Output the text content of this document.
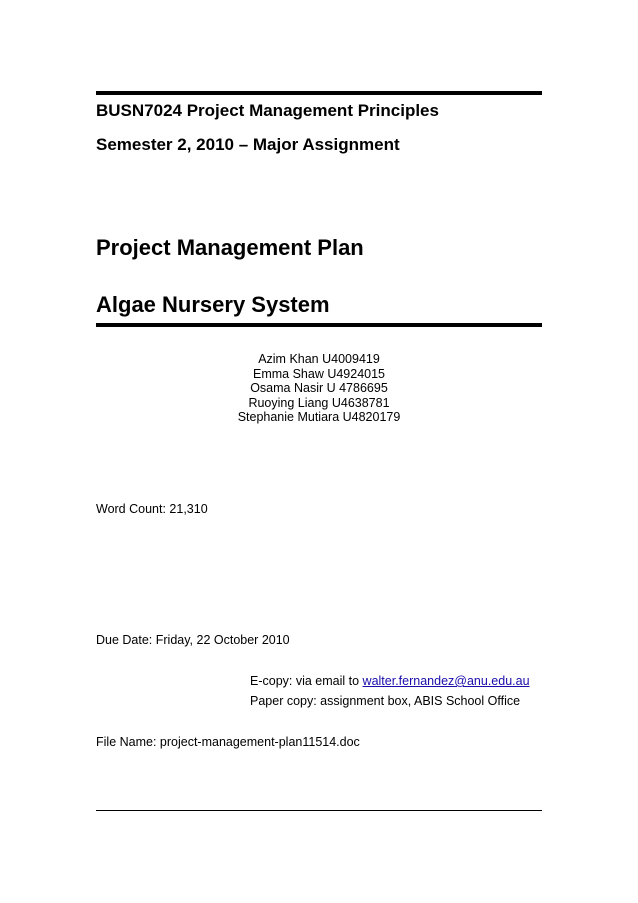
BUSN7024 Project Management Principles
Semester 2, 2010 – Major Assignment
Project Management Plan
Algae Nursery System
Azim Khan U4009419
Emma Shaw U4924015
Osama Nasir U 4786695
Ruoying Liang U4638781
Stephanie Mutiara U4820179
Word Count: 21,310
Due Date: Friday, 22 October 2010
E-copy: via email to walter.fernandez@anu.edu.au
Paper copy: assignment box, ABIS School Office
File Name: project-management-plan11514.doc
